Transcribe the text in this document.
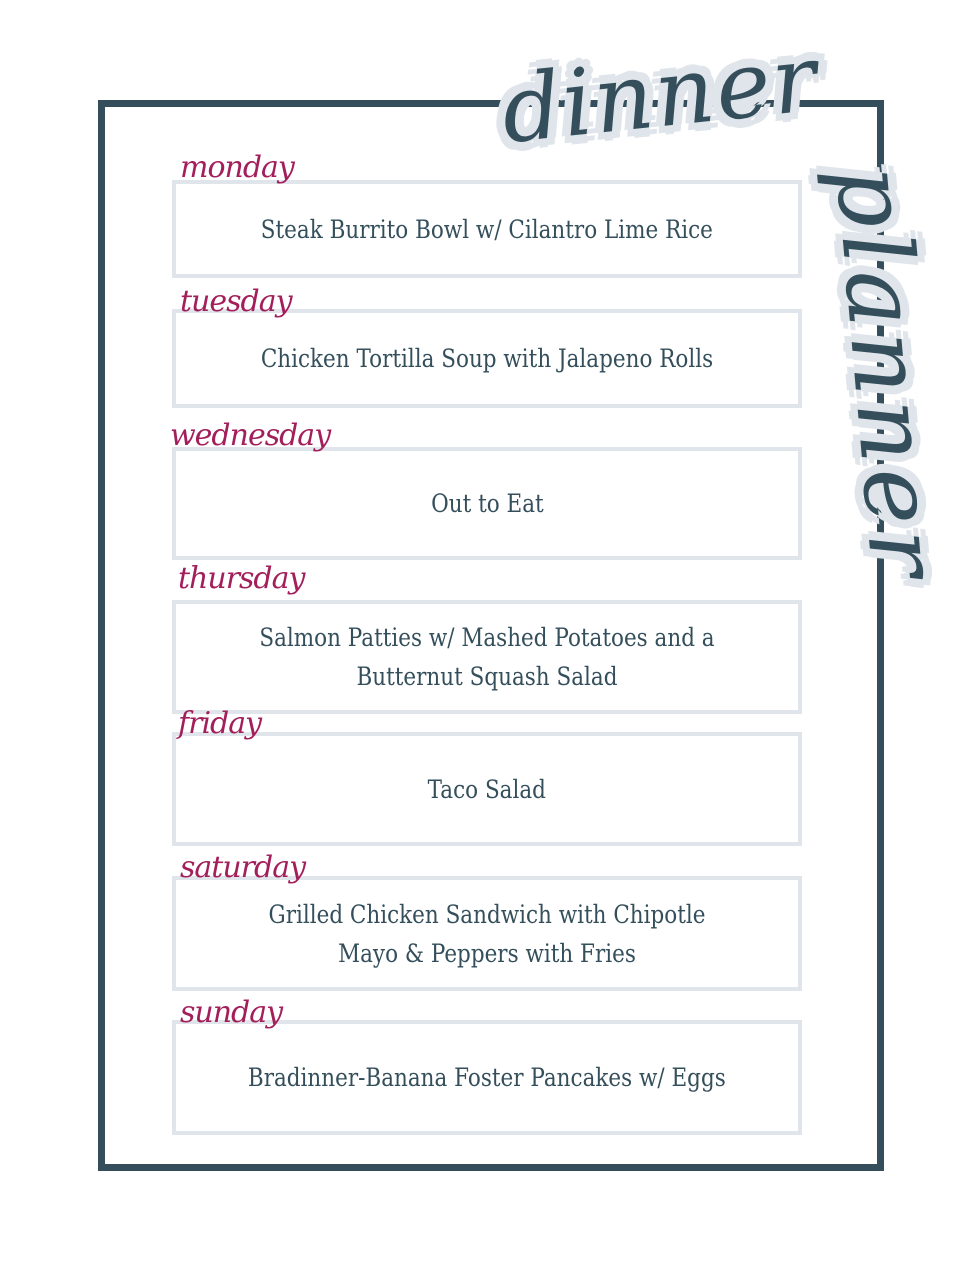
dinner
planner
monday
Steak Burrito Bowl w/ Cilantro Lime Rice
tuesday
Chicken Tortilla Soup with Jalapeno Rolls
wednesday
Out to Eat
thursday
Salmon Patties w/ Mashed Potatoes and a Butternut Squash Salad
friday
Taco Salad
saturday
Grilled Chicken Sandwich with Chipotle Mayo & Peppers with Fries
sunday
Bradinner-Banana Foster Pancakes w/ Eggs
